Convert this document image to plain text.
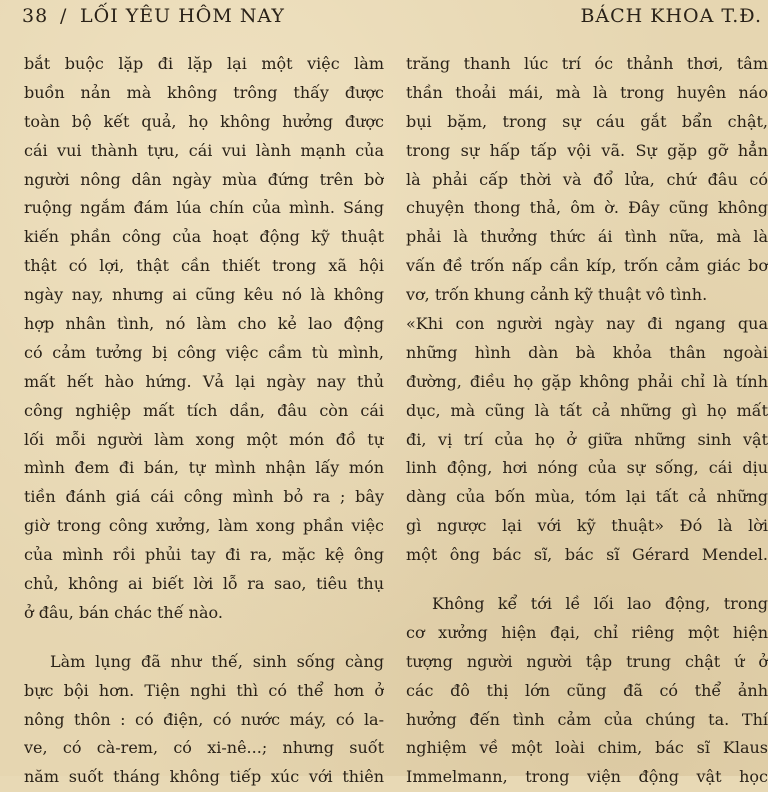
38 / LỐI YÊU HÔM NAY	BÁCH KHOA T.Đ.
bắt buộc lặp đi lặp lại một việc làm
buồn nản mà không trông thấy được
toàn bộ kết quả, họ không hưởng được
cái vui thành tựu, cái vui lành mạnh của
người nông dân ngày mùa đứng trên bờ
ruộng ngắm đám lúa chín của mình. Sáng
kiến phần công của hoạt động kỹ thuật
thật có lợi, thật cần thiết trong xã hội
ngày nay, nhưng ai cũng kêu nó là không
hợp nhân tình, nó làm cho kẻ lao động
có cảm tưởng bị công việc cầm tù mình,
mất hết hào hứng. Vả lại ngày nay thủ
công nghiệp mất tích dần, đâu còn cái
lối mỗi người làm xong một món đồ tự
mình đem đi bán, tự mình nhận lấy món
tiền đánh giá cái công mình bỏ ra ; bây
giờ trong công xưởng, làm xong phần việc
của mình rồi phủi tay đi ra, mặc kệ ông
chủ, không ai biết lời lỗ ra sao, tiêu thụ
ở đâu, bán chác thế nào.
Làm lụng đã như thế, sinh sống càng
bực bội hơn. Tiện nghi thì có thể hơn ở
nông thôn : có điện, có nước máy, có la-
ve, có cà-rem, có xi-nê...; nhưng suốt
năm suốt tháng không tiếp xúc với thiên
trăng thanh lúc trí óc thảnh thơi, tâm
thần thoải mái, mà là trong huyên náo
bụi bặm, trong sự cáu gắt bẩn chật,
trong sự hấp tấp vội vã. Sự gặp gỡ hẳn
là phải cấp thời và đổ lửa, chứ đâu có
chuyện thong thả, ôm ờ. Đây cũng không
phải là thưởng thức ái tình nữa, mà là
vấn đề trốn nấp cần kíp, trốn cảm giác bơ
vơ, trốn khung cảnh kỹ thuật vô tình.
«Khi con người ngày nay đi ngang qua
những hình dàn bà khỏa thân ngoài
đường, điều họ gặp không phải chỉ là tính
dục, mà cũng là tất cả những gì họ mất
đi, vị trí của họ ở giữa những sinh vật
linh động, hơi nóng của sự sống, cái dịu
dàng của bốn mùa, tóm lại tất cả những
gì ngược lại với kỹ thuật» Đó là lời
một ông bác sĩ, bác sĩ Gérard Mendel.
Không kể tới lề lối lao động, trong
cơ xưởng hiện đại, chỉ riêng một hiện
tượng người người tập trung chật ứ ở
các đô thị lớn cũng đã có thể ảnh
hưởng đến tình cảm của chúng ta. Thí
nghiệm về một loài chim, bác sĩ Klaus
Immelmann, trong viện động vật học
